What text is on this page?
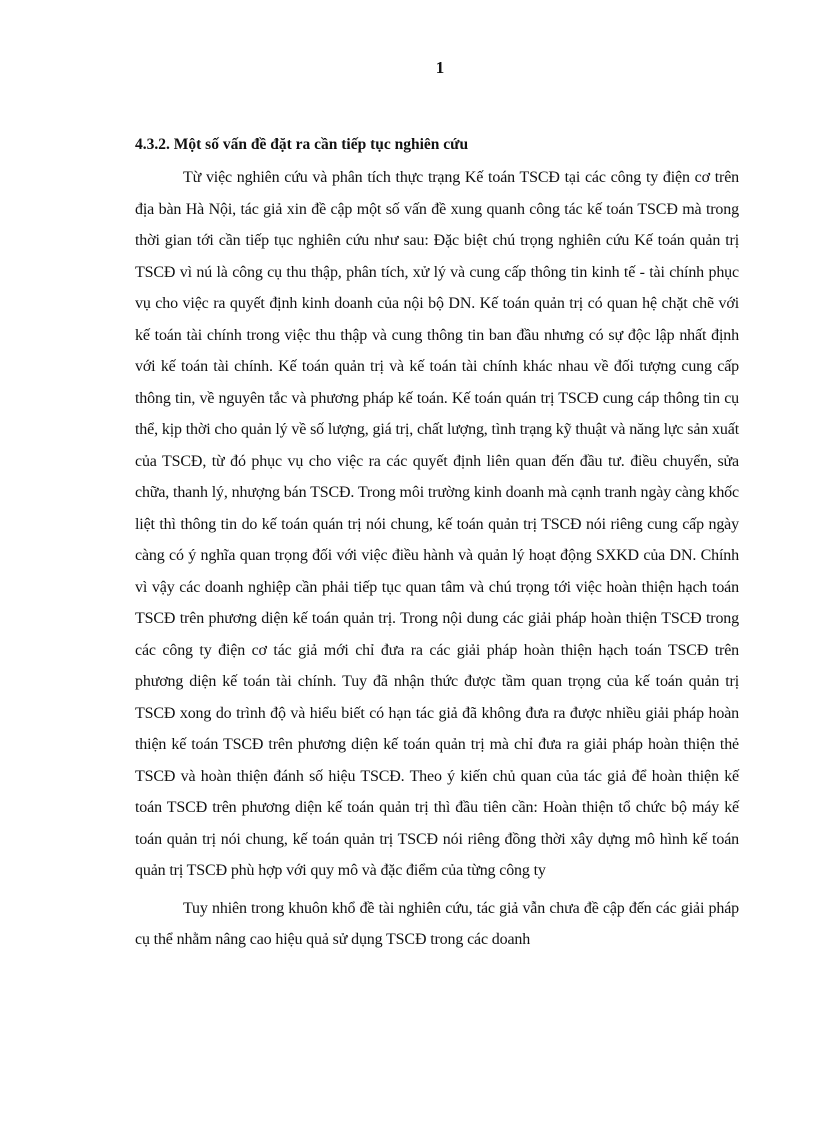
1
4.3.2. Một số vấn đề đặt ra cần tiếp tục nghiên cứu

Từ việc nghiên cứu và phân tích thực trạng Kế toán TSCĐ tại các công ty điện cơ trên địa bàn Hà Nội, tác giả xin đề cập một số vấn đề xung quanh công tác kế toán TSCĐ mà trong thời gian tới cần tiếp tục nghiên cứu như sau: Đặc biệt chú trọng nghiên cứu Kế toán quản trị TSCĐ vì nú là công cụ thu thập, phân tích, xử lý và cung cấp thông tin kinh tế - tài chính phục vụ cho việc ra quyết định kinh doanh của nội bộ DN. Kế toán quản trị có quan hệ chặt chẽ với kế toán tài chính trong việc thu thập và cung thông tin ban đầu nhưng có sự độc lập nhất định với kế toán tài chính. Kế toán quản trị và kế toán tài chính khác nhau về đối tượng cung cấp thông tin, về nguyên tắc và phương pháp kế toán. Kế toán quán trị TSCĐ cung cáp thông tin cụ thể, kịp thời cho quản lý về số lượng, giá trị, chất lượng, tình trạng kỹ thuật và năng lực sản xuất của TSCĐ, từ đó phục vụ cho việc ra các quyết định liên quan đến đầu tư. điều chuyển, sửa chữa, thanh lý, nhượng bán TSCĐ. Trong môi trường kinh doanh mà cạnh tranh ngày càng khốc liệt thì thông tin do kế toán quán trị nói chung, kế toán quản trị TSCĐ nói riêng cung cấp ngày càng có ý nghĩa quan trọng đối với việc điều hành và quản lý hoạt động SXKD của DN. Chính vì vậy các doanh nghiệp cần phải tiếp tục quan tâm và chú trọng tới việc hoàn thiện hạch toán TSCĐ trên phương diện kế toán quản trị. Trong nội dung các giải pháp hoàn thiện TSCĐ trong các công ty điện cơ tác giả mới chỉ đưa ra các giải pháp hoàn thiện hạch toán TSCĐ trên phương diện kế toán tài chính. Tuy đã nhận thức được tầm quan trọng của kế toán quản trị TSCĐ xong do trình độ và hiểu biết có hạn tác giả đã không đưa ra được nhiều giải pháp hoàn thiện kế toán TSCĐ trên phương diện kế toán quản trị mà chỉ đưa ra giải pháp hoàn thiện thẻ TSCĐ và hoàn thiện đánh số hiệu TSCĐ. Theo ý kiến chủ quan của tác giả để hoàn thiện kế toán TSCĐ trên phương diện kế toán quản trị thì đầu tiên cần: Hoàn thiện tổ chức bộ máy kế toán quản trị nói chung, kế toán quản trị TSCĐ nói riêng đồng thời xây dựng mô hình kế toán quản trị TSCĐ phù hợp với quy mô và đặc điểm của từng công ty

Tuy nhiên trong khuôn khổ đề tài nghiên cứu, tác giả vẫn chưa đề cập đến các giải pháp cụ thể nhằm nâng cao hiệu quả sử dụng TSCĐ trong các doanh
